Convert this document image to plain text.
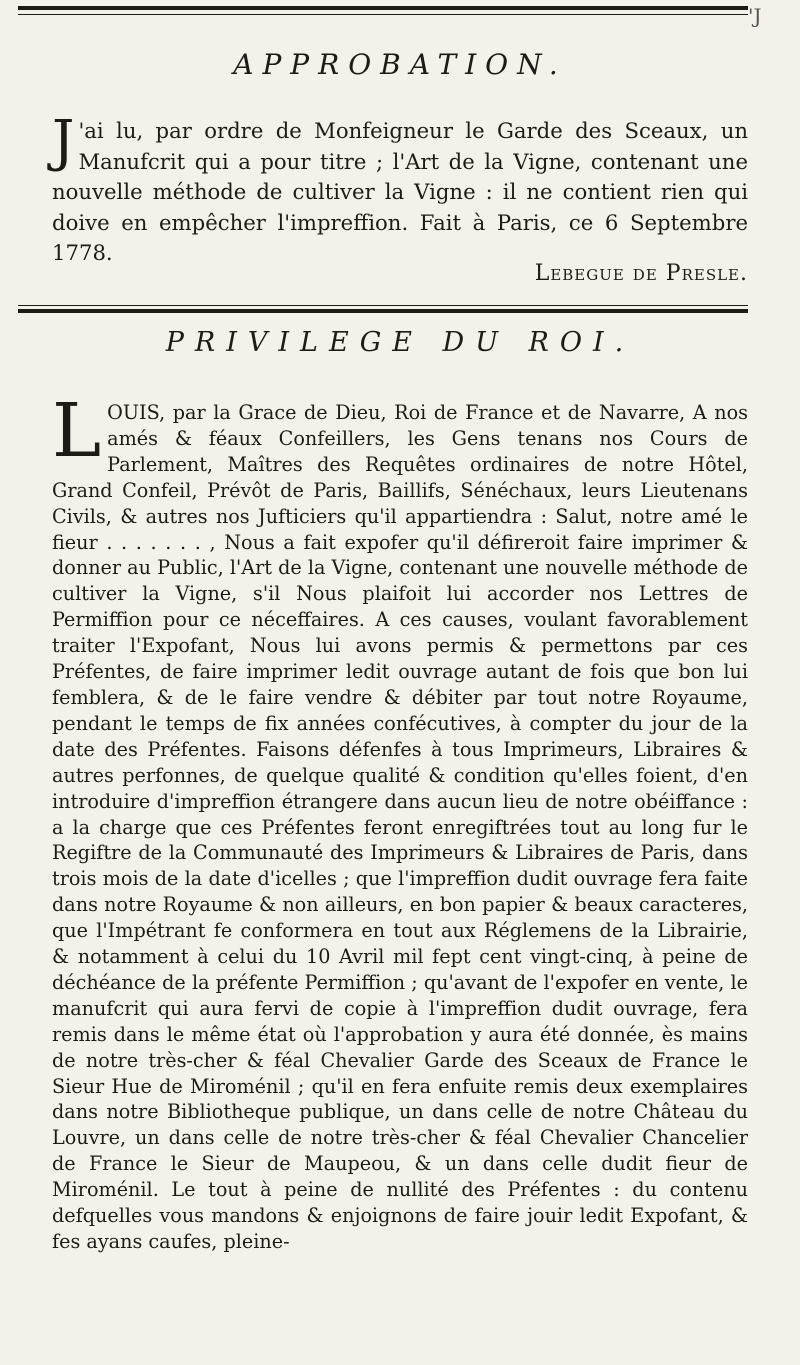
'J
APPROBATION.
J 'ai lu, par ordre de Monfeigneur le Garde des Sceaux, un Manufcrit qui a pour titre ; l'Art de la Vigne, contenant une nouvelle méthode de cultiver la Vigne : il ne contient rien qui doive en empêcher l'impreffion. Fait à Paris, ce 6 Septembre 1778.
Lebegue de Presle.
PRIVILEGE DU ROI.
LOUIS, par la Grace de Dieu, Roi de France et de Navarre, A nos amés & féaux Confeillers, les Gens tenans nos Cours de Parlement, Maîtres des Requêtes ordinaires de notre Hôtel, Grand Confeil, Prévôt de Paris, Baillifs, Sénéchaux, leurs Lieutenans Civils, & autres nos Jufticiers qu'il appartiendra : Salut, notre amé le fieur . . . . . . . , Nous a fait expofer qu'il défireroit faire imprimer & donner au Public, l'Art de la Vigne, contenant une nouvelle méthode de cultiver la Vigne, s'il Nous plaifoit lui accorder nos Lettres de Permiffion pour ce néceffaires. A ces causes, voulant favorablement traiter l'Expofant, Nous lui avons permis & permettons par ces Préfentes, de faire imprimer ledit ouvrage autant de fois que bon lui femblera, & de le faire vendre & débiter par tout notre Royaume, pendant le temps de fix années confécutives, à compter du jour de la date des Préfentes. Faisons défenfes à tous Imprimeurs, Libraires & autres perfonnes, de quelque qualité & condition qu'elles foient, d'en introduire d'impreffion étrangere dans aucun lieu de notre obéiffance : a la charge que ces Préfentes feront enregiftrées tout au long fur le Regiftre de la Communauté des Imprimeurs & Libraires de Paris, dans trois mois de la date d'icelles ; que l'impreffion dudit ouvrage fera faite dans notre Royaume & non ailleurs, en bon papier & beaux caracteres, que l'Impétrant fe conformera en tout aux Réglemens de la Librairie, & notamment à celui du 10 Avril mil fept cent vingt-cinq, à peine de déchéance de la préfente Permiffion ; qu'avant de l'expofer en vente, le manufcrit qui aura fervi de copie à l'impreffion dudit ouvrage, fera remis dans le même état où l'approbation y aura été donnée, ès mains de notre très-cher & féal Chevalier Garde des Sceaux de France le Sieur Hue de Miroménil ; qu'il en fera enfuite remis deux exemplaires dans notre Bibliotheque publique, un dans celle de notre Château du Louvre, un dans celle de notre très-cher & féal Chevalier Chancelier de France le Sieur de Maupeou, & un dans celle dudit fieur de Miroménil. Le tout à peine de nullité des Préfentes : du contenu defquelles vous mandons & enjoignons de faire jouir ledit Expofant, & fes ayans caufes, pleine-
